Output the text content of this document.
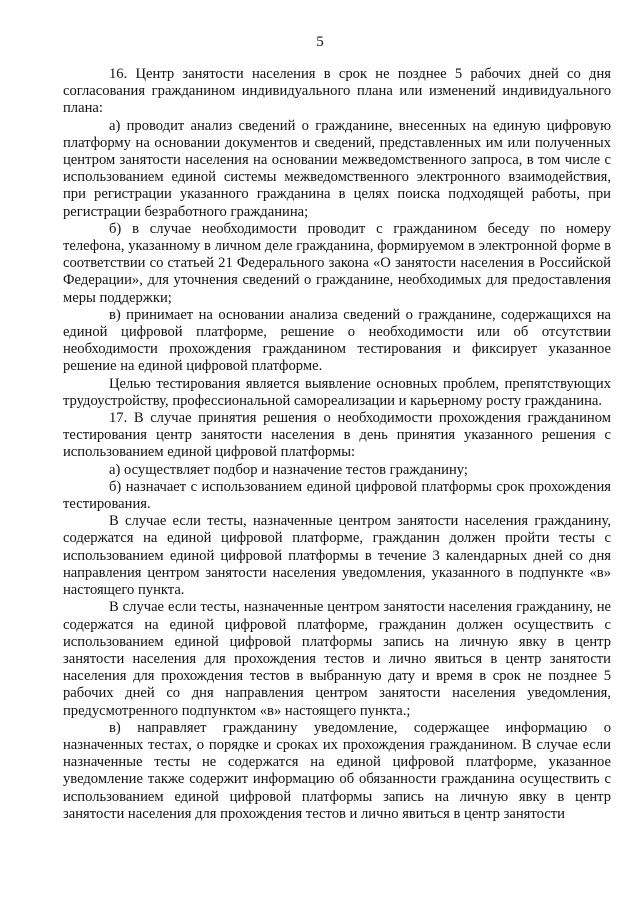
5

16. Центр занятости населения в срок не позднее 5 рабочих дней со дня согласования гражданином индивидуального плана или изменений индивидуального плана:

а) проводит анализ сведений о гражданине, внесенных на единую цифровую платформу на основании документов и сведений, представленных им или полученных центром занятости населения на основании межведомственного запроса, в том числе с использованием единой системы межведомственного электронного взаимодействия, при регистрации указанного гражданина в целях поиска подходящей работы, при регистрации безработного гражданина;

б) в случае необходимости проводит с гражданином беседу по номеру телефона, указанному в личном деле гражданина, формируемом в электронной форме в соответствии со статьей 21 Федерального закона «О занятости населения в Российской Федерации», для уточнения сведений о гражданине, необходимых для предоставления меры поддержки;

в) принимает на основании анализа сведений о гражданине, содержащихся на единой цифровой платформе, решение о необходимости или об отсутствии необходимости прохождения гражданином тестирования и фиксирует указанное решение на единой цифровой платформе.

Целью тестирования является выявление основных проблем, препятствующих трудоустройству, профессиональной самореализации и карьерному росту гражданина.

17. В случае принятия решения о необходимости прохождения гражданином тестирования центр занятости населения в день принятия указанного решения с использованием единой цифровой платформы:

а) осуществляет подбор и назначение тестов гражданину;

б) назначает с использованием единой цифровой платформы срок прохождения тестирования.

В случае если тесты, назначенные центром занятости населения гражданину, содержатся на единой цифровой платформе, гражданин должен пройти тесты с использованием единой цифровой платформы в течение 3 календарных дней со дня направления центром занятости населения уведомления, указанного в подпункте «в» настоящего пункта.

В случае если тесты, назначенные центром занятости населения гражданину, не содержатся на единой цифровой платформе, гражданин должен осуществить с использованием единой цифровой платформы запись на личную явку в центр занятости населения для прохождения тестов и лично явиться в центр занятости населения для прохождения тестов в выбранную дату и время в срок не позднее 5 рабочих дней со дня направления центром занятости населения уведомления, предусмотренного подпунктом «в» настоящего пункта.;

в) направляет гражданину уведомление, содержащее информацию о назначенных тестах, о порядке и сроках их прохождения гражданином. В случае если назначенные тесты не содержатся на единой цифровой платформе, указанное уведомление также содержит информацию об обязанности гражданина осуществить с использованием единой цифровой платформы запись на личную явку в центр занятости населения для прохождения тестов и лично явиться в центр занятости
